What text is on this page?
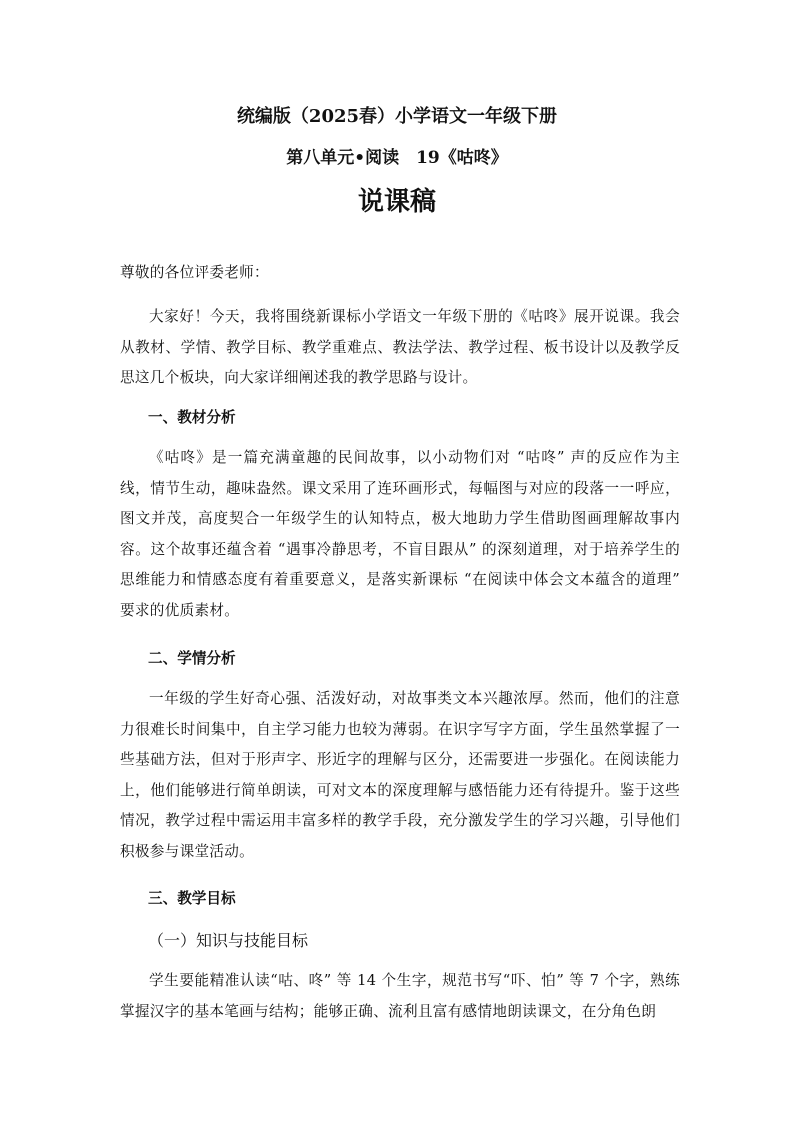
统编版（2025春）小学语文一年级下册
第八单元•阅读　19《咕咚》
说课稿
尊敬的各位评委老师：
大家好！今天，我将围绕新课标小学语文一年级下册的《咕咚》展开说课。我会从教材、学情、教学目标、教学重难点、教法学法、教学过程、板书设计以及教学反思这几个板块，向大家详细阐述我的教学思路与设计。
一、教材分析
《咕咚》是一篇充满童趣的民间故事，以小动物们对 “咕咚” 声的反应作为主线，情节生动，趣味盎然。课文采用了连环画形式，每幅图与对应的段落一一呼应，图文并茂，高度契合一年级学生的认知特点，极大地助力学生借助图画理解故事内容。这个故事还蕴含着 “遇事冷静思考，不盲目跟从” 的深刻道理，对于培养学生的思维能力和情感态度有着重要意义，是落实新课标 “在阅读中体会文本蕴含的道理” 要求的优质素材。
二、学情分析
一年级的学生好奇心强、活泼好动，对故事类文本兴趣浓厚。然而，他们的注意力很难长时间集中，自主学习能力也较为薄弱。在识字写字方面，学生虽然掌握了一些基础方法，但对于形声字、形近字的理解与区分，还需要进一步强化。在阅读能力上，他们能够进行简单朗读，可对文本的深度理解与感悟能力还有待提升。鉴于这些情况，教学过程中需运用丰富多样的教学手段，充分激发学生的学习兴趣，引导他们积极参与课堂活动。
三、教学目标
（一）知识与技能目标
学生要能精准认读“咕、咚” 等 14 个生字，规范书写“吓、怕” 等 7 个字，熟练掌握汉字的基本笔画与结构；能够正确、流利且富有感情地朗读课文，在分角色朗
